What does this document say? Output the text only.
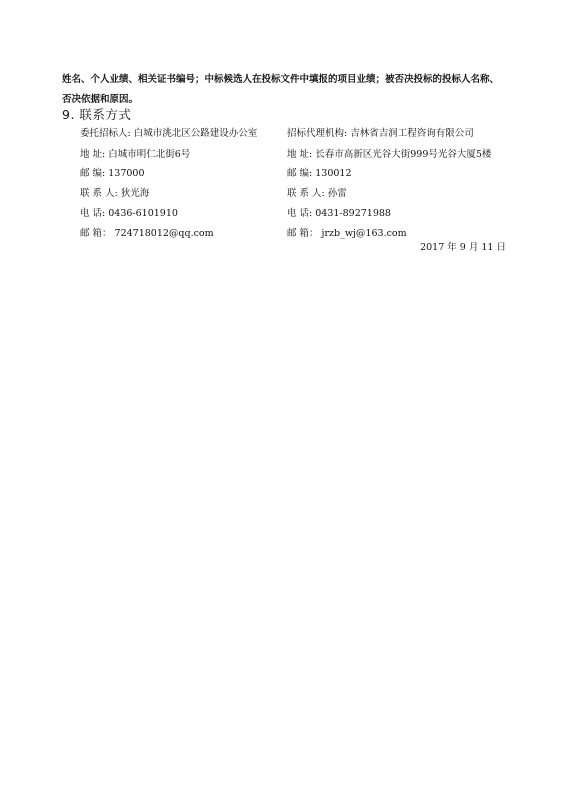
姓名、个人业绩、相关证书编号；中标候选人在投标文件中填报的项目业绩；被否决投标的投标人名称、
否决依据和原因。
9. 联系方式
委托招标人: 白城市洮北区公路建设办公室
地 址: 白城市明仁北街6号
邮 编: 137000
联 系 人: 狄光海
电 话: 0436-6101910
邮 箱： 724718012@qq.com
招标代理机构: 吉林省吉润工程咨询有限公司
地 址: 长春市高新区光谷大街999号光谷大厦5楼
邮 编: 130012
联 系 人: 孙雷
电 话: 0431-89271988
邮 箱： jrzb_wj@163.com
2017 年 9 月 11 日
